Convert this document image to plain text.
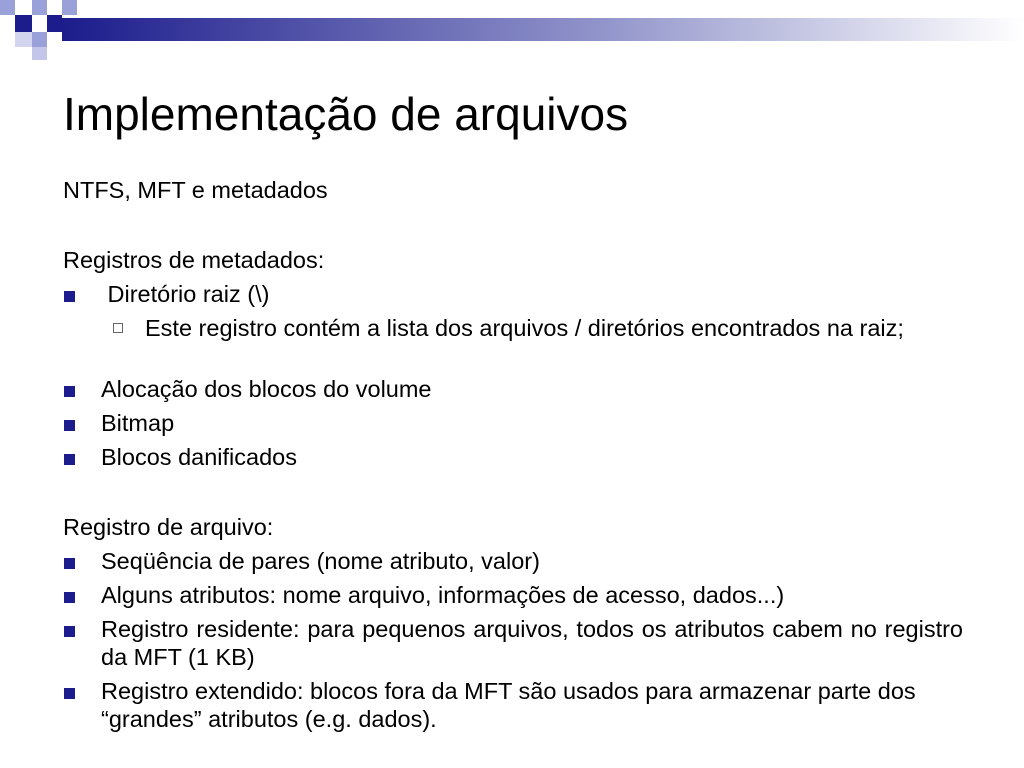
Implementação de arquivos
NTFS, MFT e metadados
Registros de metadados:
Diretório raiz (\)
Este registro contém a lista dos arquivos / diretórios encontrados na raiz;
Alocação dos blocos do volume
Bitmap
Blocos danificados
Registro de arquivo:
Seqüência de pares (nome atributo, valor)
Alguns atributos: nome arquivo, informações de acesso, dados...)
Registro residente: para pequenos arquivos, todos os atributos cabem no registro da MFT (1 KB)
Registro extendido: blocos fora da MFT são usados para armazenar parte dos “grandes” atributos (e.g. dados).
